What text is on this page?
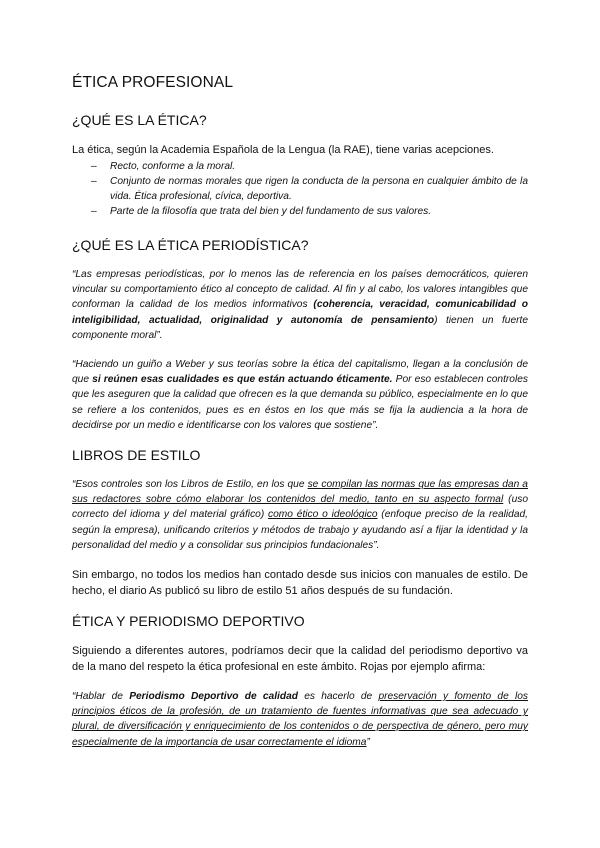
ÉTICA PROFESIONAL
¿QUÉ ES LA ÉTICA?

La ética, según la Academia Española de la Lengua (la RAE), tiene varias acepciones.

– Recto, conforme a la moral.
– Conjunto de normas morales que rigen la conducta de la persona en cualquier ámbito de la vida. Ética profesional, cívica, deportiva.
– Parte de la filosofía que trata del bien y del fundamento de sus valores.
¿QUÉ ES LA ÉTICA PERIODÍSTICA?

“Las empresas periodísticas, por lo menos las de referencia en los países democráticos, quieren vincular su comportamiento ético al concepto de calidad. Al fin y al cabo, los valores intangibles que conforman la calidad de los medios informativos (coherencia, veracidad, comunicabilidad o inteligibilidad, actualidad, originalidad y autonomía de pensamiento) tienen un fuerte componente moral”.

“Haciendo un guiño a Weber y sus teorías sobre la ética del capitalismo, llegan a la conclusión de que si reúnen esas cualidades es que están actuando éticamente. Por eso establecen controles que les aseguren que la calidad que ofrecen es la que demanda su público, especialmente en lo que se refiere a los contenidos, pues es en éstos en los que más se fija la audiencia a la hora de decidirse por un medio e identificarse con los valores que sostiene”.

LIBROS DE ESTILO

“Esos controles son los Libros de Estilo, en los que se compilan las normas que las empresas dan a sus redactores sobre cómo elaborar los contenidos del medio, tanto en su aspecto formal (uso correcto del idioma y del material gráfico) como ético o ideológico (enfoque preciso de la realidad, según la empresa), unificando criterios y métodos de trabajo y ayudando así a fijar la identidad y la personalidad del medio y a consolidar sus principios fundacionales”.

Sin embargo, no todos los medios han contado desde sus inicios con manuales de estilo. De hecho, el diario As publicó su libro de estilo 51 años después de su fundación.

ÉTICA Y PERIODISMO DEPORTIVO

Siguiendo a diferentes autores, podríamos decir que la calidad del periodismo deportivo va de la mano del respeto la ética profesional en este ámbito. Rojas por ejemplo afirma:

“Hablar de Periodismo Deportivo de calidad es hacerlo de preservación y fomento de los principios éticos de la profesión, de un tratamiento de fuentes informativas que sea adecuado y plural, de diversificación y enriquecimiento de los contenidos o de perspectiva de género, pero muy especialmente de la importancia de usar correctamente el idioma”
